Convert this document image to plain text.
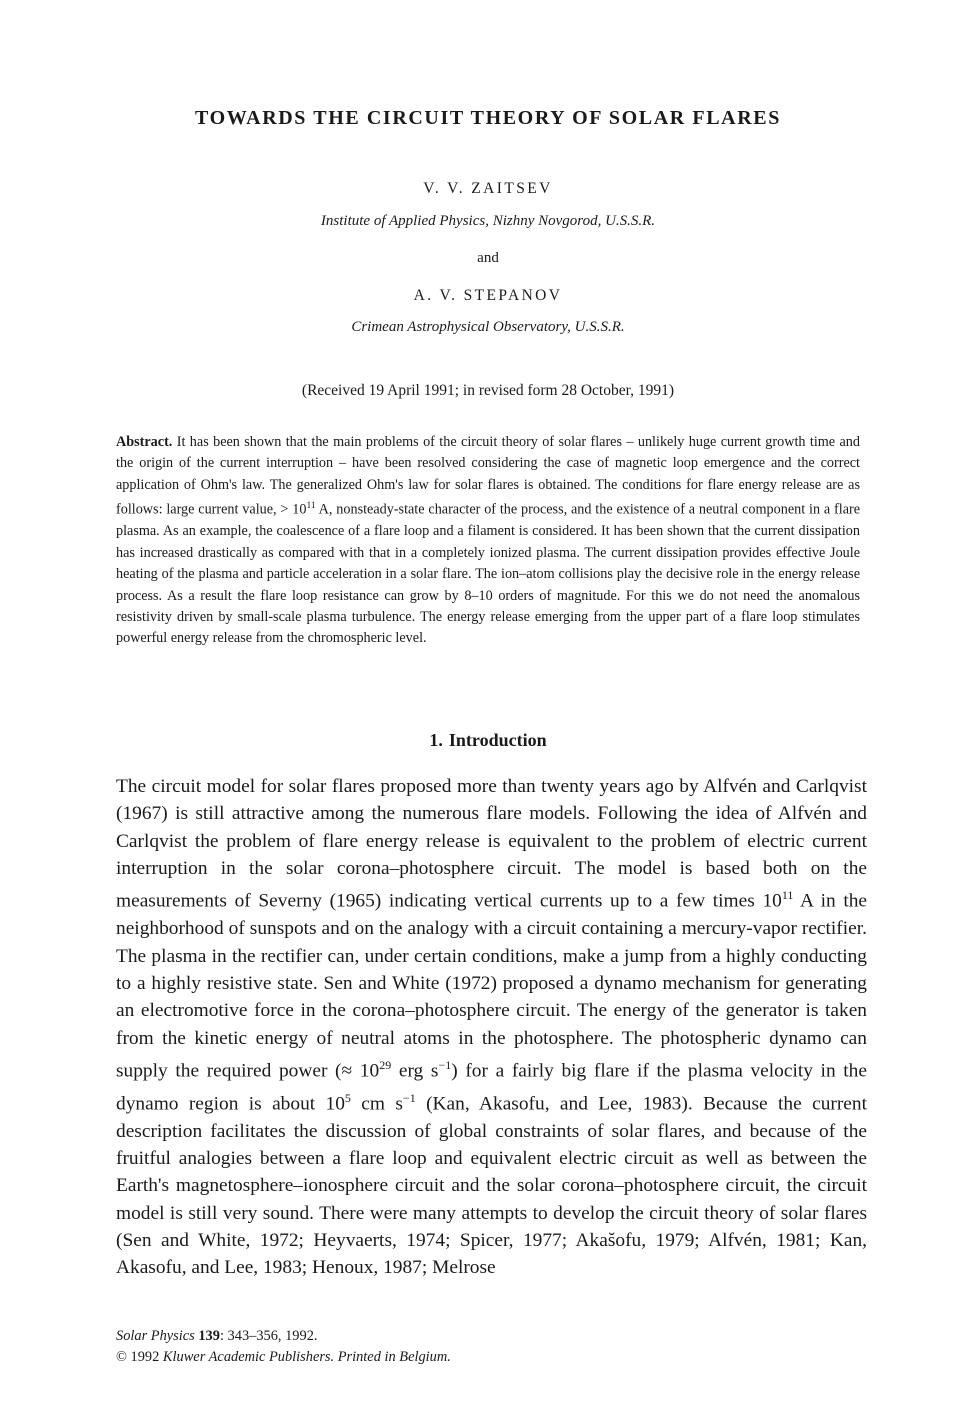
TOWARDS THE CIRCUIT THEORY OF SOLAR FLARES

V. V. ZAITSEV

Institute of Applied Physics, Nizhny Novgorod, U.S.S.R.

and

A. V. STEPANOV

Crimean Astrophysical Observatory, U.S.S.R.

(Received 19 April 1991; in revised form 28 October, 1991)

Abstract. It has been shown that the main problems of the circuit theory of solar flares – unlikely huge current growth time and the origin of the current interruption – have been resolved considering the case of magnetic loop emergence and the correct application of Ohm's law. The generalized Ohm's law for solar flares is obtained. The conditions for flare energy release are as follows: large current value, > $10^{11}$ A, nonsteady-state character of the process, and the existence of a neutral component in a flare plasma. As an example, the coalescence of a flare loop and a filament is considered. It has been shown that the current dissipation has increased drastically as compared with that in a completely ionized plasma. The current dissipation provides effective Joule heating of the plasma and particle acceleration in a solar flare. The ion–atom collisions play the decisive role in the energy release process. As a result the flare loop resistance can grow by 8–10 orders of magnitude. For this we do not need the anomalous resistivity driven by small-scale plasma turbulence. The energy release emerging from the upper part of a flare loop stimulates powerful energy release from the chromospheric level.

1. Introduction

The circuit model for solar flares proposed more than twenty years ago by Alfvén and Carlqvist (1967) is still attractive among the numerous flare models. Following the idea of Alfvén and Carlqvist the problem of flare energy release is equivalent to the problem of electric current interruption in the solar corona–photosphere circuit. The model is based both on the measurements of Severny (1965) indicating vertical currents up to a few times $10^{11}$ A in the neighborhood of sunspots and on the analogy with a circuit containing a mercury-vapor rectifier. The plasma in the rectifier can, under certain conditions, make a jump from a highly conducting to a highly resistive state. Sen and White (1972) proposed a dynamo mechanism for generating an electromotive force in the corona–photosphere circuit. The energy of the generator is taken from the kinetic energy of neutral atoms in the photosphere. The photospheric dynamo can supply the required power (≈ $10^{29}$ erg $s^{-1}$) for a fairly big flare if the plasma velocity in the dynamo region is about $10^5$ cm $s^{-1}$ (Kan, Akasofu, and Lee, 1983). Because the current description facilitates the discussion of global constraints of solar flares, and because of the fruitful analogies between a flare loop and equivalent electric circuit as well as between the Earth's magnetosphere–ionosphere circuit and the solar corona–photosphere circuit, the circuit model is still very sound. There were many attempts to develop the circuit theory of solar flares (Sen and White, 1972; Heyvaerts, 1974; Spicer, 1977; Akas̆ofu, 1979; Alfvén, 1981; Kan, Akasofu, and Lee, 1983; Henoux, 1987; Melrose

Solar Physics 139: 343–356, 1992.
© 1992 Kluwer Academic Publishers. Printed in Belgium.
